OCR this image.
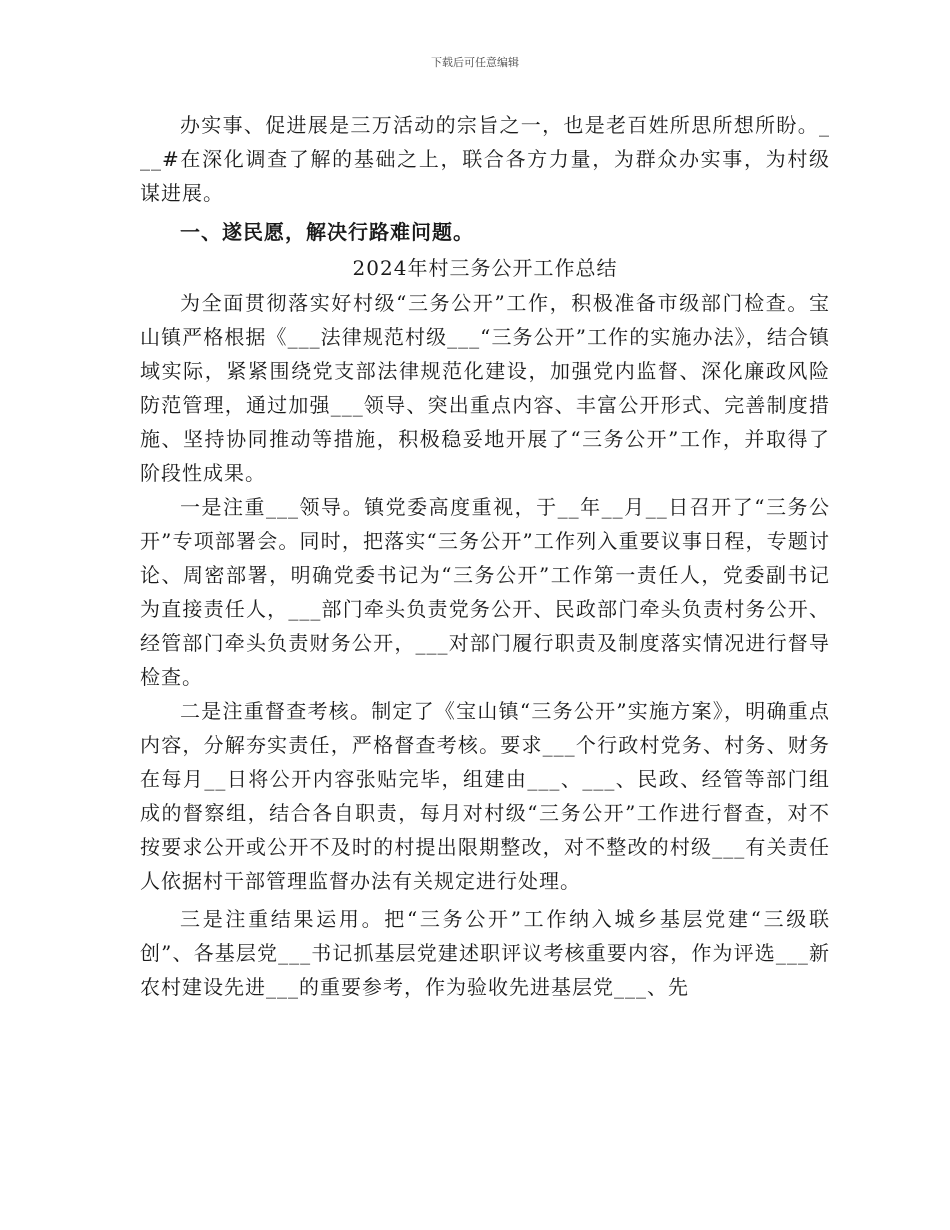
下载后可任意编辑

办实事、促进展是三万活动的宗旨之一，也是老百姓所思所想所盼。___#在深化调查了解的基础之上，联合各方力量，为群众办实事，为村级谋进展。

一、遂民愿，解决行路难问题。

2024年村三务公开工作总结

为全面贯彻落实好村级“三务公开”工作，积极准备市级部门检查。宝山镇严格根据《___法律规范村级___“三务公开”工作的实施办法》，结合镇域实际，紧紧围绕党支部法律规范化建设，加强党内监督、深化廉政风险防范管理，通过加强___领导、突出重点内容、丰富公开形式、完善制度措施、坚持协同推动等措施，积极稳妥地开展了“三务公开”工作，并取得了阶段性成果。

一是注重___领导。镇党委高度重视，于__年__月__日召开了“三务公开”专项部署会。同时，把落实“三务公开”工作列入重要议事日程，专题讨论、周密部署，明确党委书记为“三务公开”工作第一责任人，党委副书记为直接责任人，___部门牵头负责党务公开、民政部门牵头负责村务公开、经管部门牵头负责财务公开，___对部门履行职责及制度落实情况进行督导检查。

二是注重督查考核。制定了《宝山镇“三务公开”实施方案》，明确重点内容，分解夯实责任，严格督查考核。要求___个行政村党务、村务、财务在每月__日将公开内容张贴完毕，组建由___、___、民政、经管等部门组成的督察组，结合各自职责，每月对村级“三务公开”工作进行督查，对不按要求公开或公开不及时的村提出限期整改，对不整改的村级___有关责任人依据村干部管理监督办法有关规定进行处理。

三是注重结果运用。把“三务公开”工作纳入城乡基层党建“三级联创”、各基层党___书记抓基层党建述职评议考核重要内容，作为评选___新农村建设先进___的重要参考，作为验收先进基层党___、先
